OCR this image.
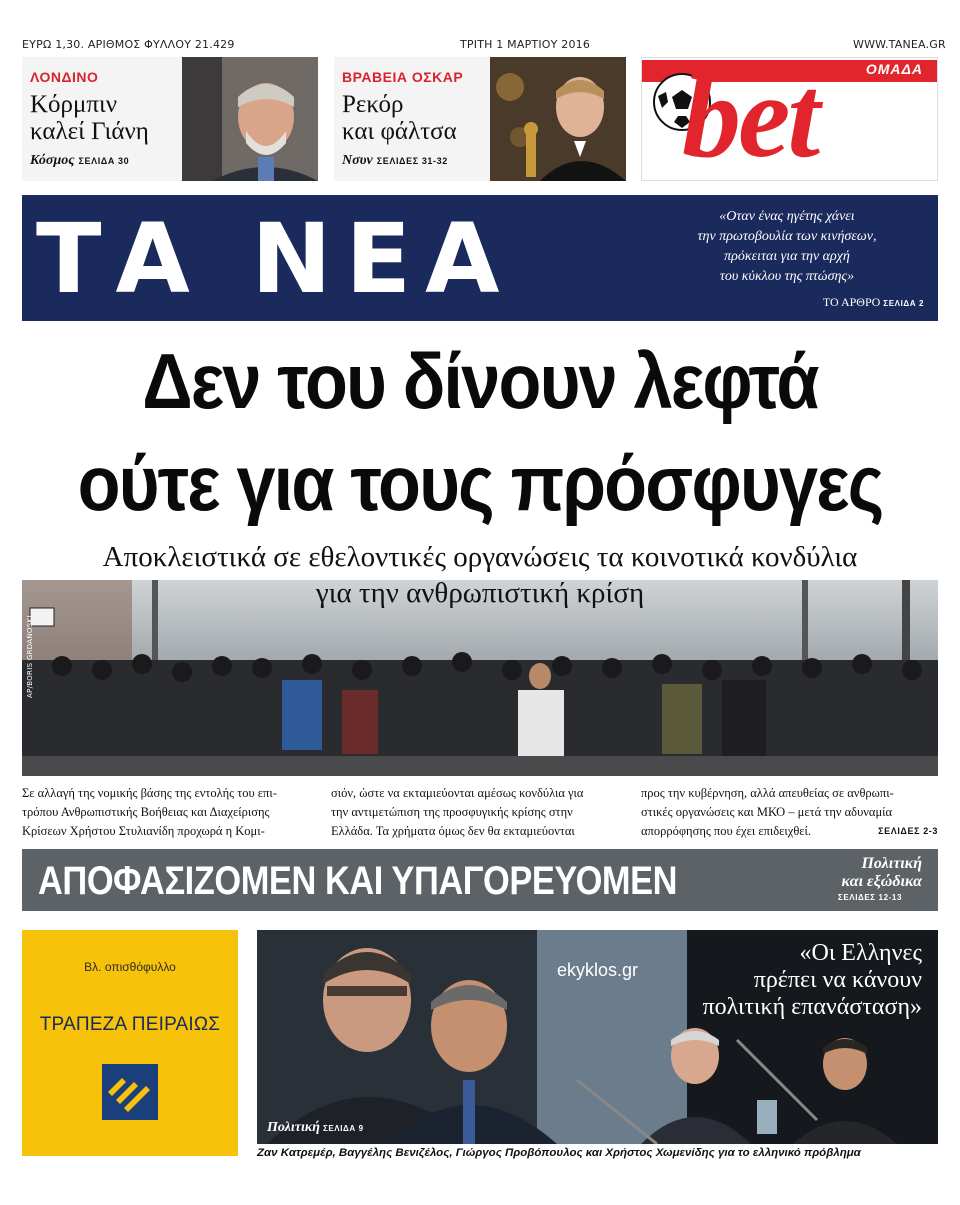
ΕΥΡΩ 1,30. ΑΡΙΘΜΟΣ ΦΥΛΛΟΥ 21.429	ΤΡΙΤΗ 1 ΜΑΡΤΙΟΥ 2016	WWW.TANEA.GR
ΛΟΝΔΙΝΟ
Κόρμπιν
καλεί Γιάνη
Κόσμος ΣΕΛΙΔΑ 30
ΒΡΑΒΕΙΑ ΟΣΚΑΡ
Ρεκόρ
και φάλτσα
Νσυν ΣΕΛΙΔΕΣ 31-32
ΟΜΑΔΑ
bet
ΤΑ ΝΕΑ	«Οταν ένας ηγέτης χάνει
την πρωτοβουλία των κινήσεων,
πρόκειται για την αρχή
του κύκλου της πτώσης»
ΤΟ ΑΡΘΡΟ ΣΕΛΙΔΑ 2
Δεν του δίνουν λεφτά
ούτε για τους πρόσφυγες
Αποκλειστικά σε εθελοντικές οργανώσεις τα κοινοτικά κονδύλια
για την ανθρωπιστική κρίση
AP/BORIS GRDANOSKI
Σε αλλαγή της νομικής βάσης της εντολής του επι-
τρόπου Ανθρωπιστικής Βοήθειας και Διαχείρισης
Κρίσεων Χρήστου Στυλιανίδη προχωρά η Κομι-
σιόν, ώστε να εκταμιεύονται αμέσως κονδύλια για
την αντιμετώπιση της προσφυγικής κρίσης στην
Ελλάδα. Τα χρήματα όμως δεν θα εκταμιεύονται
προς την κυβέρνηση, αλλά απευθείας σε ανθρωπι-
στικές οργανώσεις και ΜΚΟ – μετά την αδυναμία
απορρόφησης που έχει επιδειχθεί.	ΣΕΛΙΔΕΣ 2-3
ΑΠΟΦΑΣΙΖΟΜΕΝ ΚΑΙ ΥΠΑΓΟΡΕΥΟΜΕΝ	Πολιτική
και εξώδικα
ΣΕΛΙΔΕΣ 12-13
Βλ. οπισθόφυλλο
ΤΡΑΠΕΖΑ ΠΕΙΡΑΙΩΣ
ekyklos.gr
«Οι Ελληνες
πρέπει να κάνουν
πολιτική επανάσταση»
Πολιτική ΣΕΛΙΔΑ 9
Ζαν Κατρεμέρ, Βαγγέλης Βενιζέλος, Γιώργος Προβόπουλος και Χρήστος Χωμενίδης για το ελληνικό πρόβλημα
